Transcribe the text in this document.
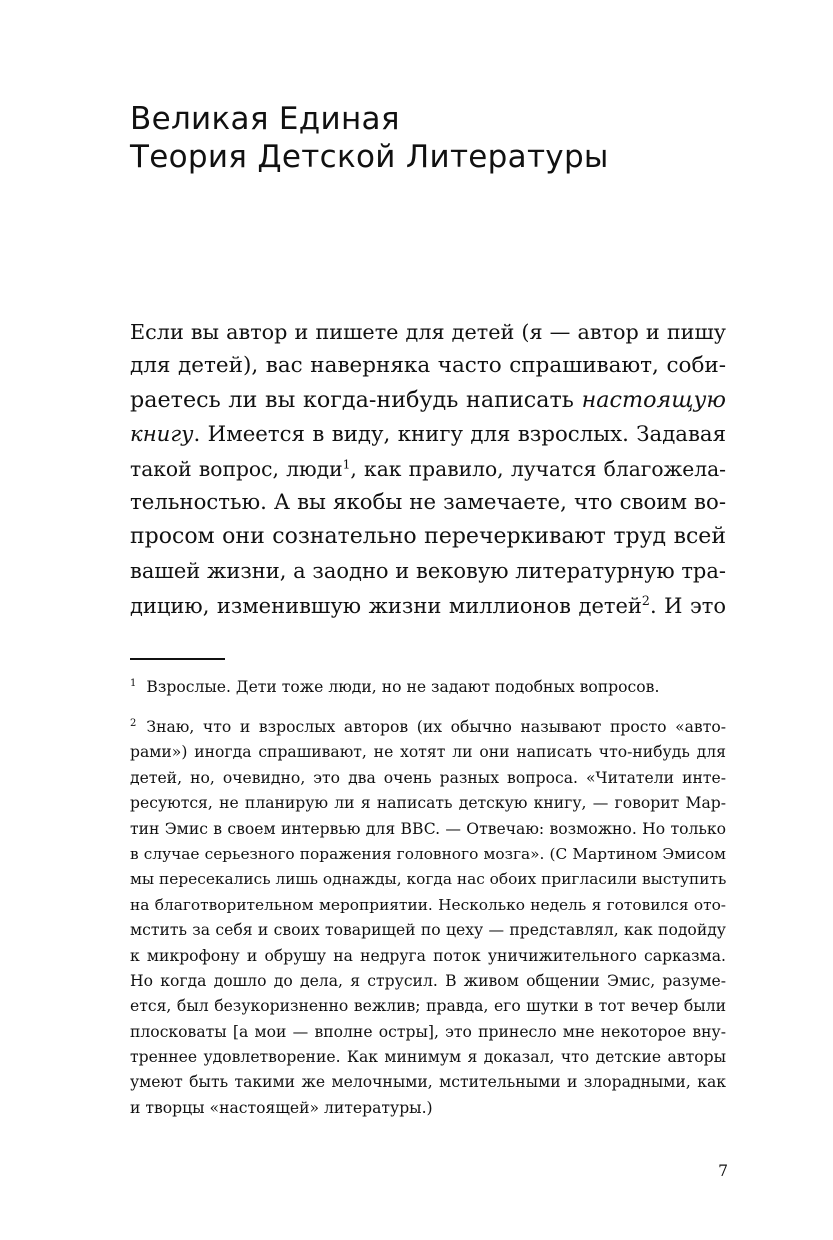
Великая Единая
Теория Детской Литературы
Если вы автор и пишете для детей (я — автор и пишу
для детей), вас наверняка часто спрашивают, соби-
раетесь ли вы когда-нибудь написать настоящую
книгу. Имеется в виду, книгу для взрослых. Задавая
такой вопрос, люди$^1$, как правило, лучатся благожела-
тельностью. А вы якобы не замечаете, что своим во-
просом они сознательно перечеркивают труд всей
вашей жизни, а заодно и вековую литературную тра-
дицию, изменившую жизни миллионов детей$^2$. И это
$^1$ Взрослые. Дети тоже люди, но не задают подобных вопросов.
$^2$ Знаю, что и взрослых авторов (их обычно называют просто «авто-
рами») иногда спрашивают, не хотят ли они написать что-нибудь для
детей, но, очевидно, это два очень разных вопроса. «Читатели инте-
ресуются, не планирую ли я написать детскую книгу, — говорит Мар-
тин Эмис в своем интервью для BBC. — Отвечаю: возможно. Но только
в случае серьезного поражения головного мозга». (С Мартином Эмисом
мы пересекались лишь однажды, когда нас обоих пригласили выступить
на благотворительном мероприятии. Несколько недель я готовился ото-
мстить за себя и своих товарищей по цеху — представлял, как подойду
к микрофону и обрушу на недруга поток уничижительного сарказма.
Но когда дошло до дела, я струсил. В живом общении Эмис, разуме-
ется, был безукоризненно вежлив; правда, его шутки в тот вечер были
плосковаты [а мои — вполне остры], это принесло мне некоторое вну-
треннее удовлетворение. Как минимум я доказал, что детские авторы
умеют быть такими же мелочными, мстительными и злорадными, как
и творцы «настоящей» литературы.)
7
